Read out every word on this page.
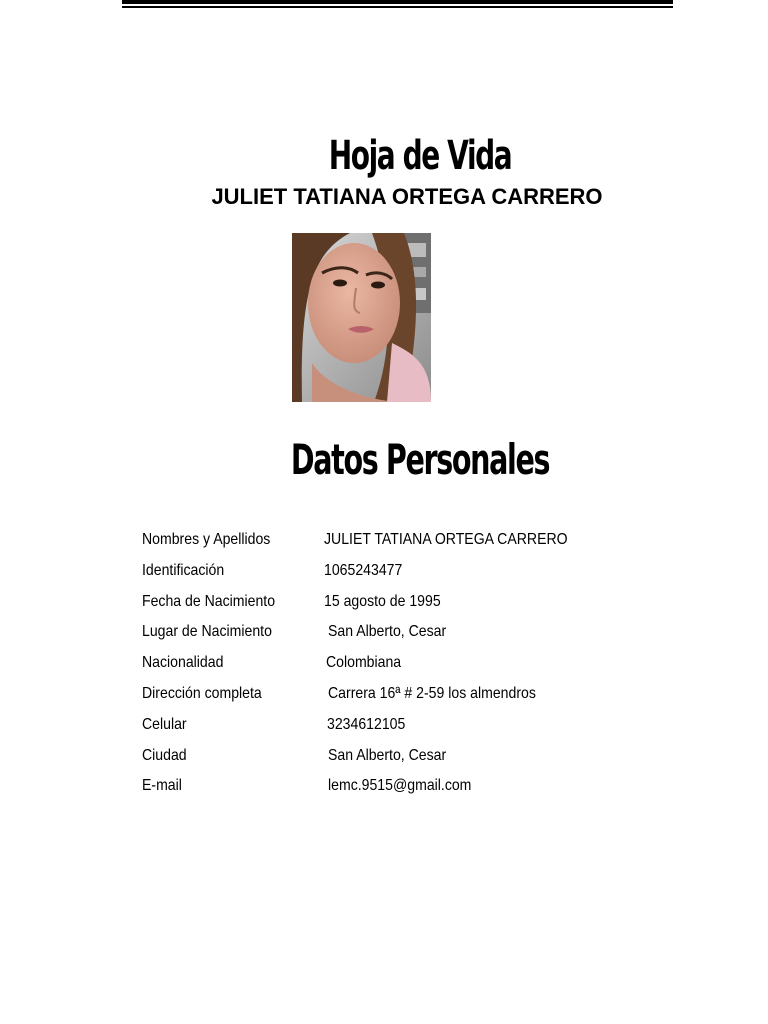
Hoja de Vida
JULIET TATIANA ORTEGA CARRERO
Datos Personales
Nombres y Apellidos	JULIET TATIANA ORTEGA CARRERO
Identificación	1065243477
Fecha de Nacimiento	15 agosto de 1995
Lugar de Nacimiento	San Alberto, Cesar
Nacionalidad	Colombiana
Dirección completa	Carrera 16ª # 2-59 los almendros
Celular	3234612105
Ciudad	San Alberto, Cesar
E-mail	lemc.9515@gmail.com
